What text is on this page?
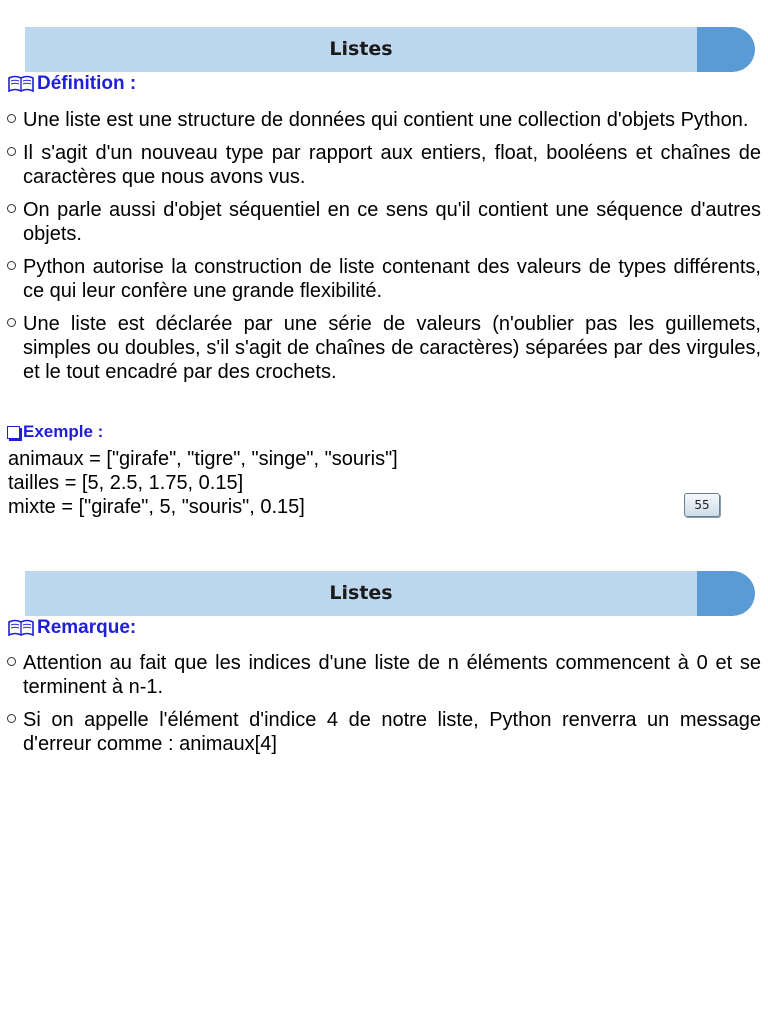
Listes
Définition :
Une liste est une structure de données qui contient une collection d'objets Python.
Il s'agit d'un nouveau type par rapport aux entiers, float, booléens et chaînes de caractères que nous avons vus.
On parle aussi d'objet séquentiel en ce sens qu'il contient une séquence d'autres objets.
Python autorise la construction de liste contenant des valeurs de types différents, ce qui leur confère une grande flexibilité.
Une liste est déclarée par une série de valeurs (n'oublier pas les guillemets, simples ou doubles, s'il s'agit de chaînes de caractères) séparées par des virgules, et le tout encadré par des crochets.
Exemple :
animaux = ["girafe", "tigre", "singe", "souris"]
tailles = [5, 2.5, 1.75, 0.15]
mixte = ["girafe", 5, "souris", 0.15]	55
Listes
Remarque:
Attention au fait que les indices d'une liste de n éléments commencent à 0 et se terminent à n-1.
Si on appelle l'élément d'indice 4 de notre liste, Python renverra un message d'erreur comme : animaux[4]
